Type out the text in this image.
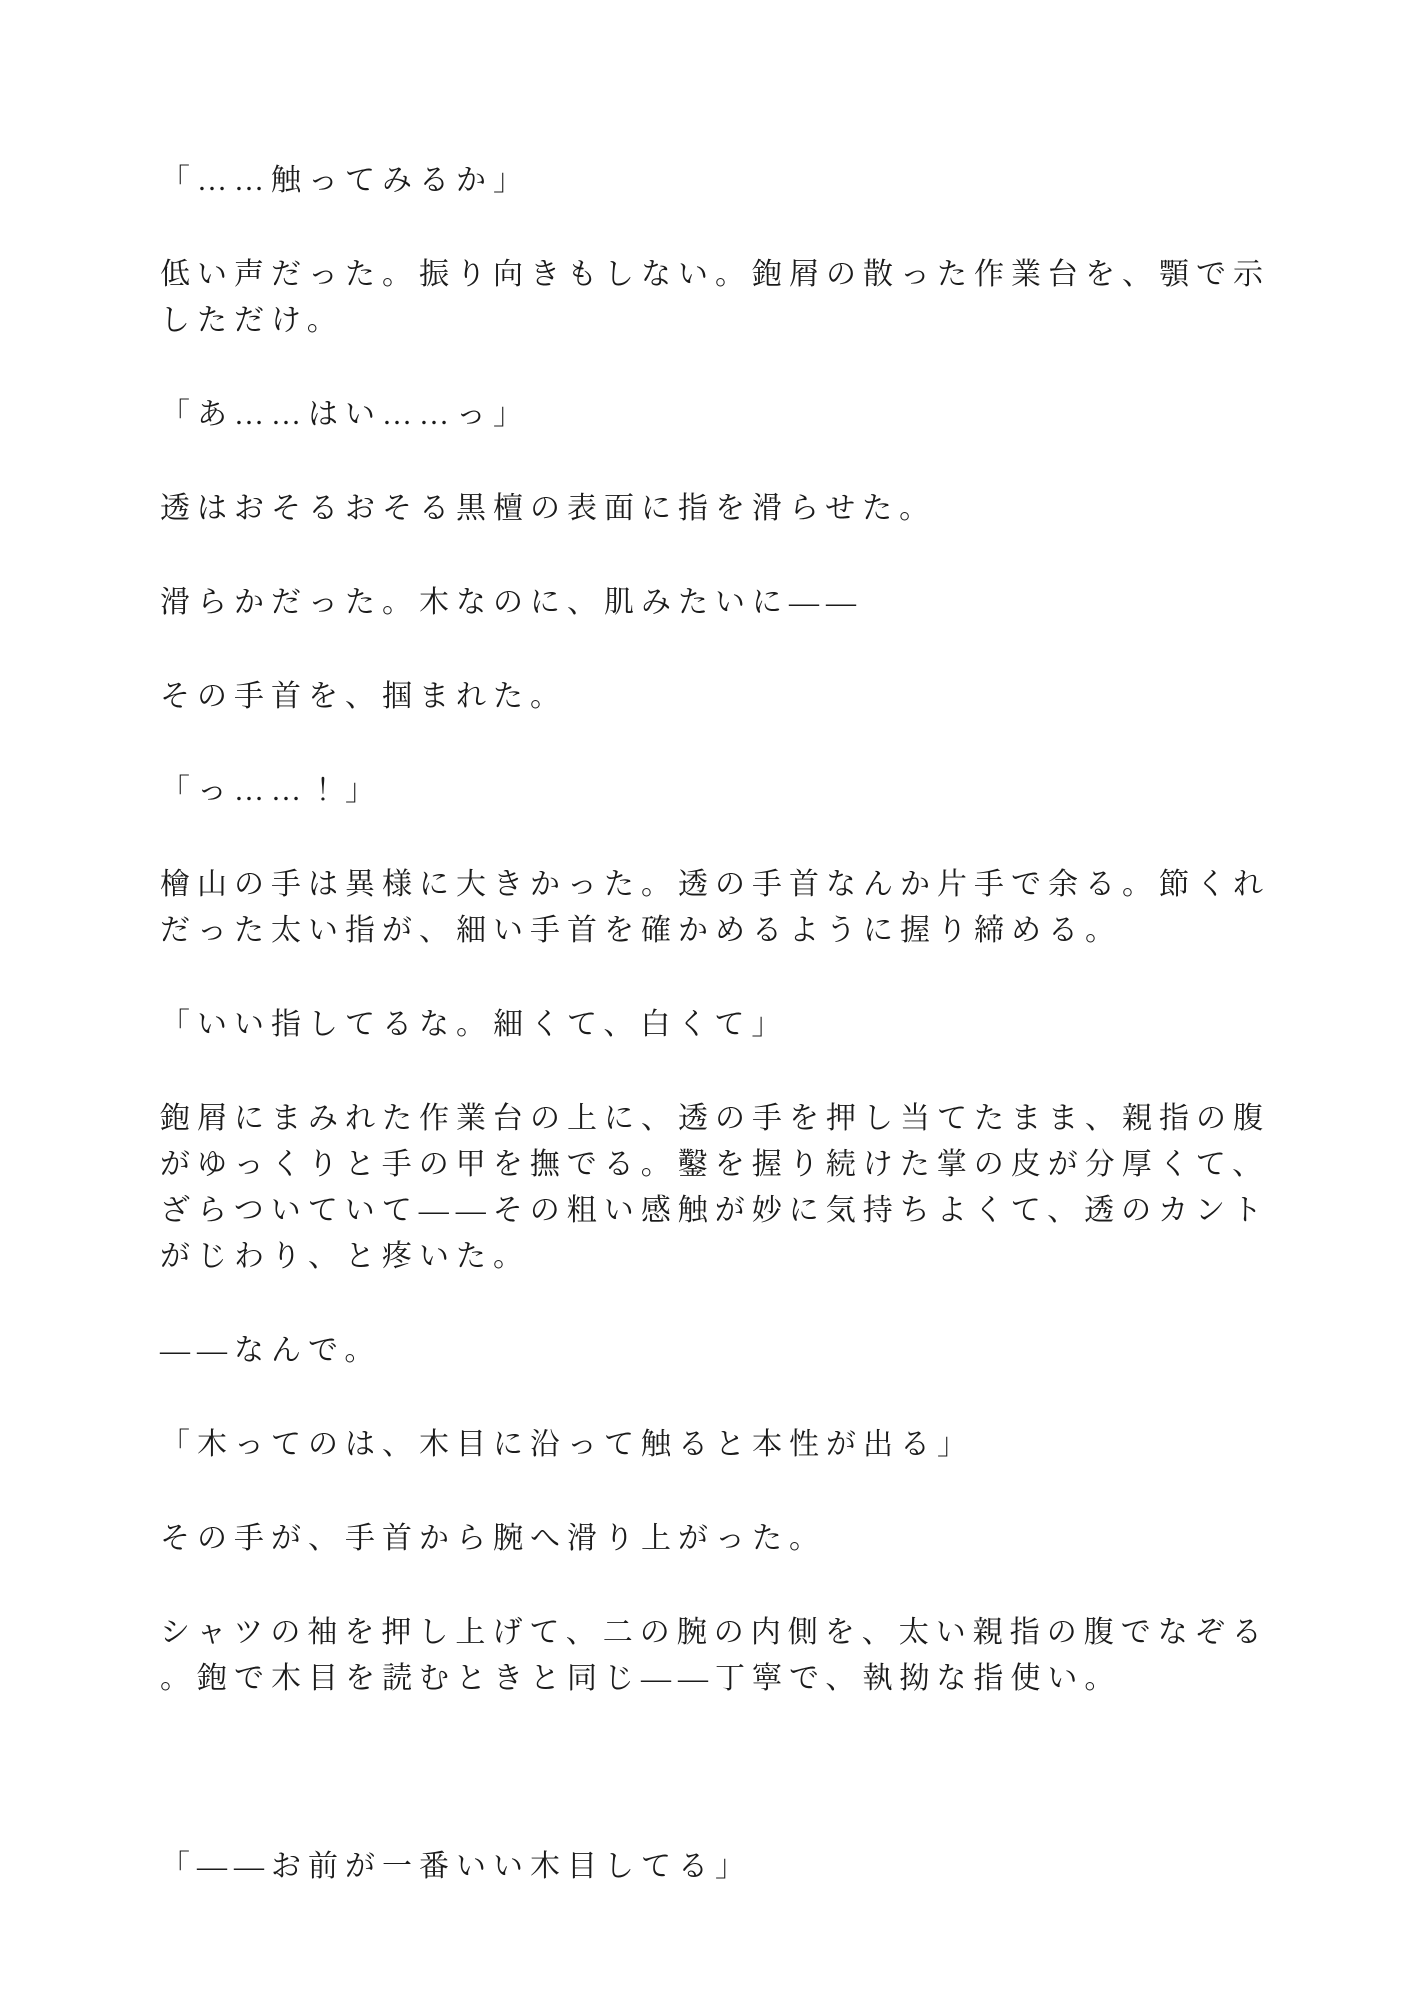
「……触ってみるか」
低い声だった。振り向きもしない。鉋屑の散った作業台を、顎で示
しただけ。
「あ……はい……っ」
透はおそるおそる黒檀の表面に指を滑らせた。
滑らかだった。木なのに、肌みたいに――
その手首を、掴まれた。
「っ……！」
檜山の手は異様に大きかった。透の手首なんか片手で余る。節くれ
だった太い指が、細い手首を確かめるように握り締める。
「いい指してるな。細くて、白くて」
鉋屑にまみれた作業台の上に、透の手を押し当てたまま、親指の腹
がゆっくりと手の甲を撫でる。鑿を握り続けた掌の皮が分厚くて、
ざらついていて――その粗い感触が妙に気持ちよくて、透のカント
がじわり、と疼いた。
――なんで。
「木ってのは、木目に沿って触ると本性が出る」
その手が、手首から腕へ滑り上がった。
シャツの袖を押し上げて、二の腕の内側を、太い親指の腹でなぞる
。鉋で木目を読むときと同じ――丁寧で、執拗な指使い。
「――お前が一番いい木目してる」
